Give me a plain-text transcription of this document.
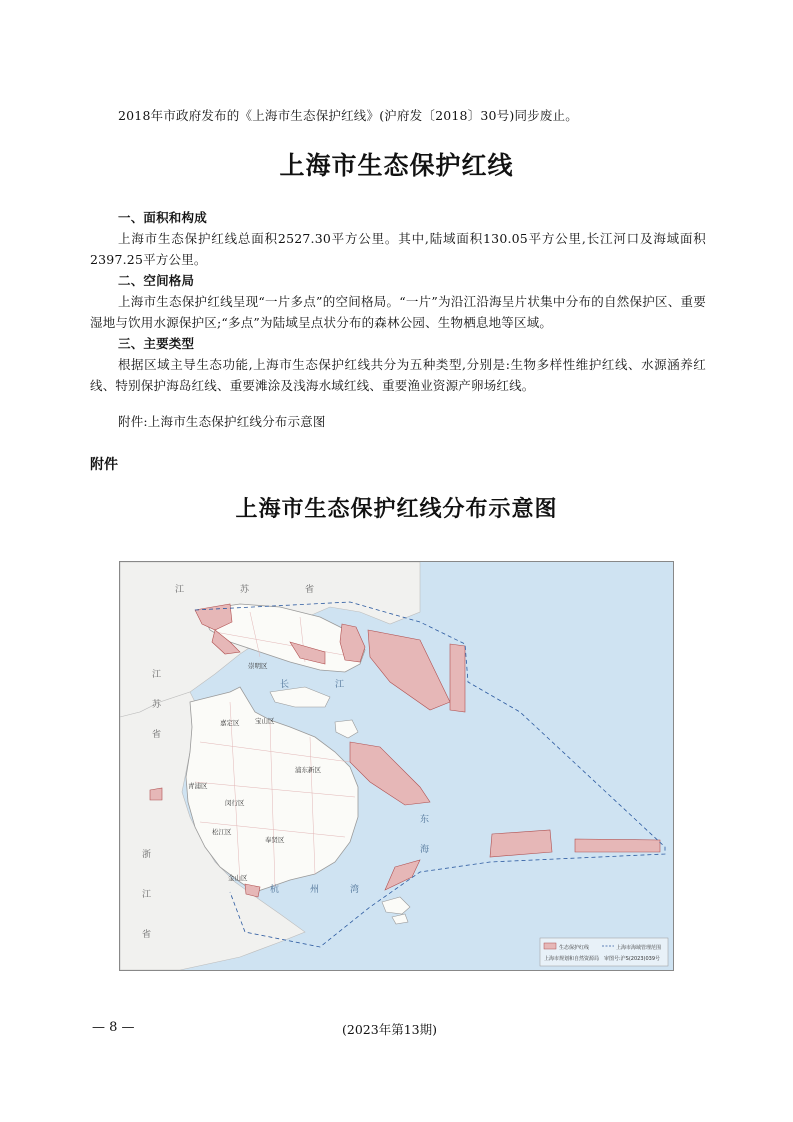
2018年市政府发布的《上海市生态保护红线》(沪府发〔2018〕30号)同步废止。
上海市生态保护红线
一、面积和构成
上海市生态保护红线总面积2527.30平方公里。其中,陆域面积130.05平方公里,长江河口及海域面积2397.25平方公里。
二、空间格局
上海市生态保护红线呈现“一片多点”的空间格局。“一片”为沿江沿海呈片状集中分布的自然保护区、重要湿地与饮用水源保护区;“多点”为陆域呈点状分布的森林公园、生物栖息地等区域。
三、主要类型
根据区域主导生态功能,上海市生态保护红线共分为五种类型,分别是:生物多样性维护红线、水源涵养红线、特别保护海岛红线、重要滩涂及浅海水域红线、重要渔业资源产卵场红线。
附件:上海市生态保护红线分布示意图
附件
上海市生态保护红线分布示意图
江	苏	省
江
苏
省
浙
江
省
长	江
东
海
杭	州	湾
崇明区
嘉定区 宝山区
浦东新区
青浦区
闵行区
松江区
奉贤区
金山区
生态保护红线	上海市海域管理范围
上海市规划和自然资源局 审图号:沪S(2023)039号
— 8 —	(2023年第13期)
